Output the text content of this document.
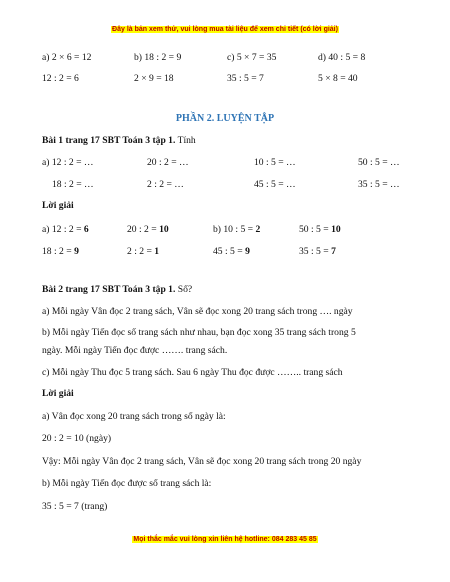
Đây là bản xem thử, vui lòng mua tài liệu để xem chi tiết (có lời giải)
a) 2 × 6 = 12	b) 18 : 2 = 9	c) 5 × 7 = 35	d) 40 : 5 = 8
12 : 2 = 6	2 × 9 = 18	35 : 5 = 7	5 × 8 = 40
PHẦN 2. LUYỆN TẬP
Bài 1 trang 17 SBT Toán 3 tập 1. Tính
a) 12 : 2 = …	20 : 2 = …	10 : 5 = …	50 : 5 = …
18 : 2 = …	2 : 2 = …	45 : 5 = …	35 : 5 = …
Lời giải
a) 12 : 2 = 6	20 : 2 = 10	b) 10 : 5 = 2	50 : 5 = 10
18 : 2 = 9	2 : 2 = 1	45 : 5 = 9	35 : 5 = 7
Bài 2 trang 17 SBT Toán 3 tập 1. Số?
a) Mỗi ngày Vân đọc 2 trang sách, Vân sẽ đọc xong 20 trang sách trong …. ngày
b) Mỗi ngày Tiến đọc số trang sách như nhau, bạn đọc xong 35 trang sách trong 5
ngày. Mỗi ngày Tiến đọc được ……. trang sách.
c) Mỗi ngày Thu đọc 5 trang sách. Sau 6 ngày Thu đọc được …….. trang sách
Lời giải
a) Vân đọc xong 20 trang sách trong số ngày là:
20 : 2 = 10 (ngày)
Vậy: Mỗi ngày Vân đọc 2 trang sách, Vân sẽ đọc xong 20 trang sách trong 20 ngày
b) Mỗi ngày Tiến đọc được số trang sách là:
35 : 5 = 7 (trang)
Mọi thắc mắc vui lòng xin liên hệ hotline: 084 283 45 85
